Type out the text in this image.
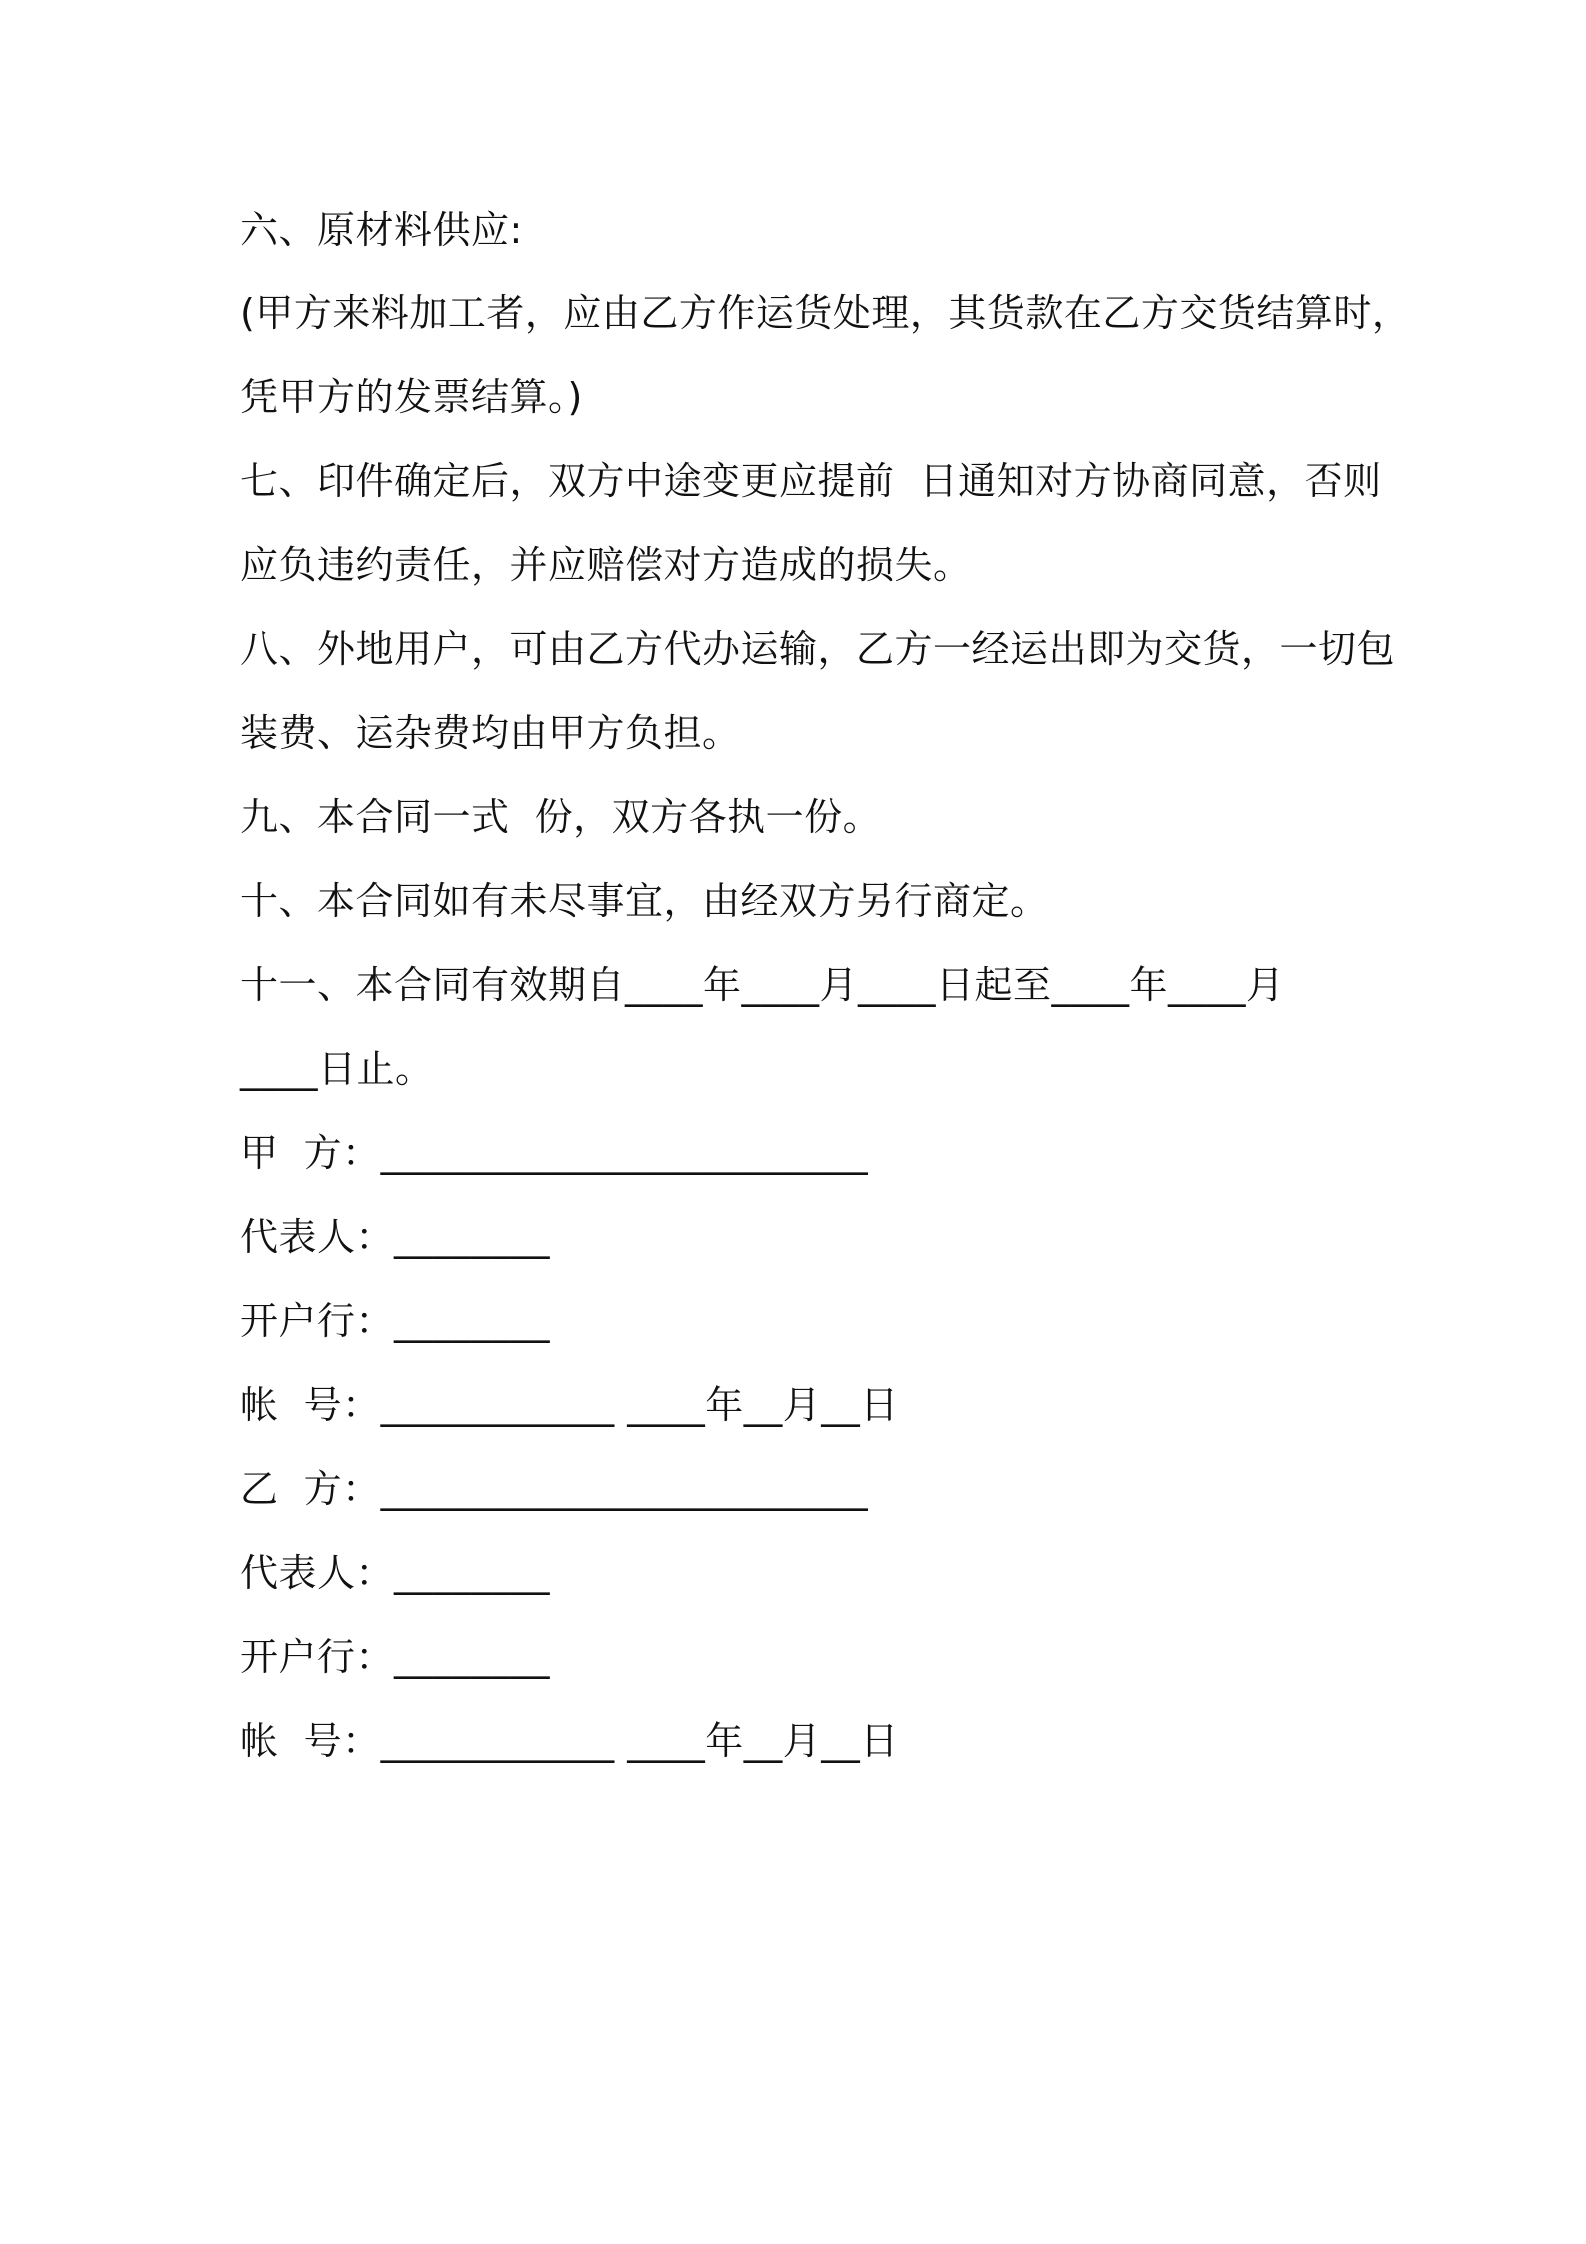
六、原材料供应:
(甲方来料加工者，应由乙方作运货处理，其货款在乙方交货结算时，
凭甲方的发票结算。)
七、印件确定后，双方中途变更应提前  日通知对方协商同意，否则
应负违约责任，并应赔偿对方造成的损失。
八、外地用户，可由乙方代办运输，乙方一经运出即为交货，一切包
装费、运杂费均由甲方负担。
九、本合同一式  份，双方各执一份。
十、本合同如有未尽事宜，由经双方另行商定。
十一、本合同有效期自____年____月____日起至____年____月
____日止。
甲  方：_________________________
代表人：________
开户行：________
帐  号：____________ ____年__月__日
乙  方：_________________________
代表人：________
开户行：________
帐  号：____________ ____年__月__日
